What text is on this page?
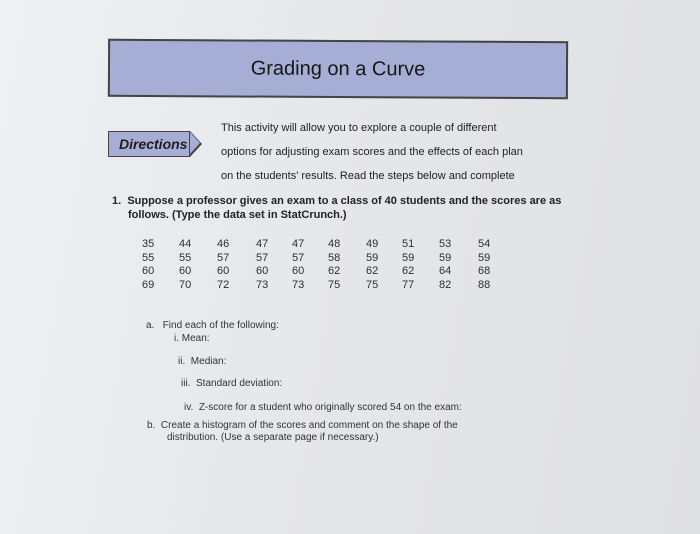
Grading on a Curve
Directions
This activity will allow you to explore a couple of different
options for adjusting exam scores and the effects of each plan
on the students' results. Read the steps below and complete
1. Suppose a professor gives an exam to a class of 40 students and the scores are as
follows. (Type the data set in StatCrunch.)
35 44 46 47 47 48 49 51 53 54
55 55 57 57 57 58 59 59 59 59
60 60 60 60 60 62 62 62 64 68
69 70 72 73 73 75 75 77 82 88
a. Find each of the following:
i. Mean:
ii. Median:
iii. Standard deviation:
iv. Z-score for a student who originally scored 54 on the exam:
b. Create a histogram of the scores and comment on the shape of the
distribution. (Use a separate page if necessary.)
